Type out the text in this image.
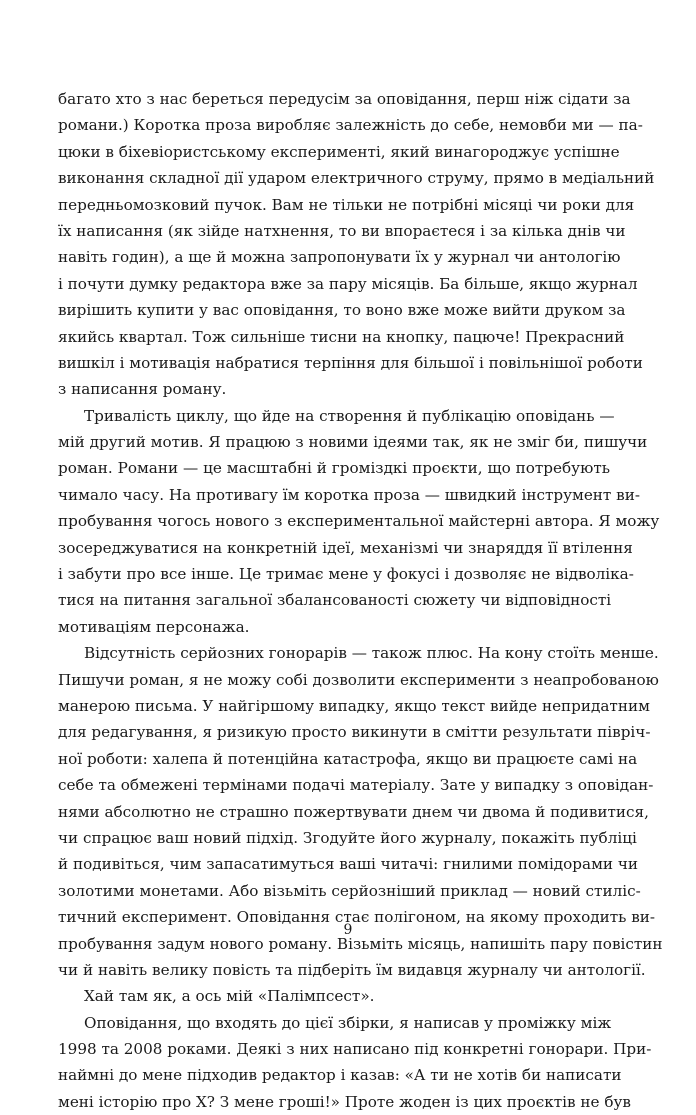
багато хто з нас береться передусім за оповідання, перш ніж сідати за
романи.) Коротка проза виробляє залежність до себе, немовби ми — па-
цюки в біхевіористському експерименті, який винагороджує успішне
виконання складної дії ударом електричного струму, прямо в медіальний
передньомозковий пучок. Вам не тільки не потрібні місяці чи роки для
їх написання (як зійде натхнення, то ви впораєтеся і за кілька днів чи
навіть годин), а ще й можна запропонувати їх у журнал чи антологію
і почути думку редактора вже за пару місяців. Ба більше, якщо журнал
вирішить купити у вас оповідання, то воно вже може вийти друком за
якийсь квартал. Тож сильніше тисни на кнопку, пацюче! Прекрасний
вишкіл і мотивація набратися терпіння для більшої і повільнішої роботи
з написання роману.
Тривалість циклу, що йде на створення й публікацію оповідань —
мій другий мотив. Я працюю з новими ідеями так, як не зміг би, пишучи
роман. Романи — це масштабні й громіздкі проєкти, що потребують
чимало часу. На противагу їм коротка проза — швидкий інструмент ви-
пробування чогось нового з експериментальної майстерні автора. Я можу
зосереджуватися на конкретній ідеї, механізмі чи знаряддя її втілення
і забути про все інше. Це тримає мене у фокусі і дозволяє не відволіка-
тися на питання загальної збалансованості сюжету чи відповідності
мотиваціям персонажа.
Відсутність серйозних гонорарів — також плюс. На кону стоїть менше.
Пишучи роман, я не можу собі дозволити експерименти з неапробованою
манерою письма. У найгіршому випадку, якщо текст вийде непридатним
для редагування, я ризикую просто викинути в смітти результати півріч-
ної роботи: халепа й потенційна катастрофа, якщо ви працюєте самі на
себе та обмежені термінами подачі матеріалу. Зате у випадку з оповідан-
нями абсолютно не страшно пожертвувати днем чи двома й подивитися,
чи спрацює ваш новий підхід. Згодуйте його журналу, покажіть публіці
й подивіться, чим запасатимуться ваші читачі: гнилими помідорами чи
золотими монетами. Або візьміть серйозніший приклад — новий стиліс-
тичний експеримент. Оповідання стає полігоном, на якому проходить ви-
пробування задум нового роману. Візьміть місяць, напишіть пару повістин
чи й навіть велику повість та підберіть їм видавця журналу чи антології.
Хай там як, а ось мій «Палімпсест».
Оповідання, що входять до цієї збірки, я написав у проміжку між
1998 та 2008 роками. Деякі з них написано під конкретні гонорари. При-
наймні до мене підходив редактор і казав: «А ти не хотів би написати
мені історію про Х? З мене гроші!» Проте жоден із цих проєктів не був
9
